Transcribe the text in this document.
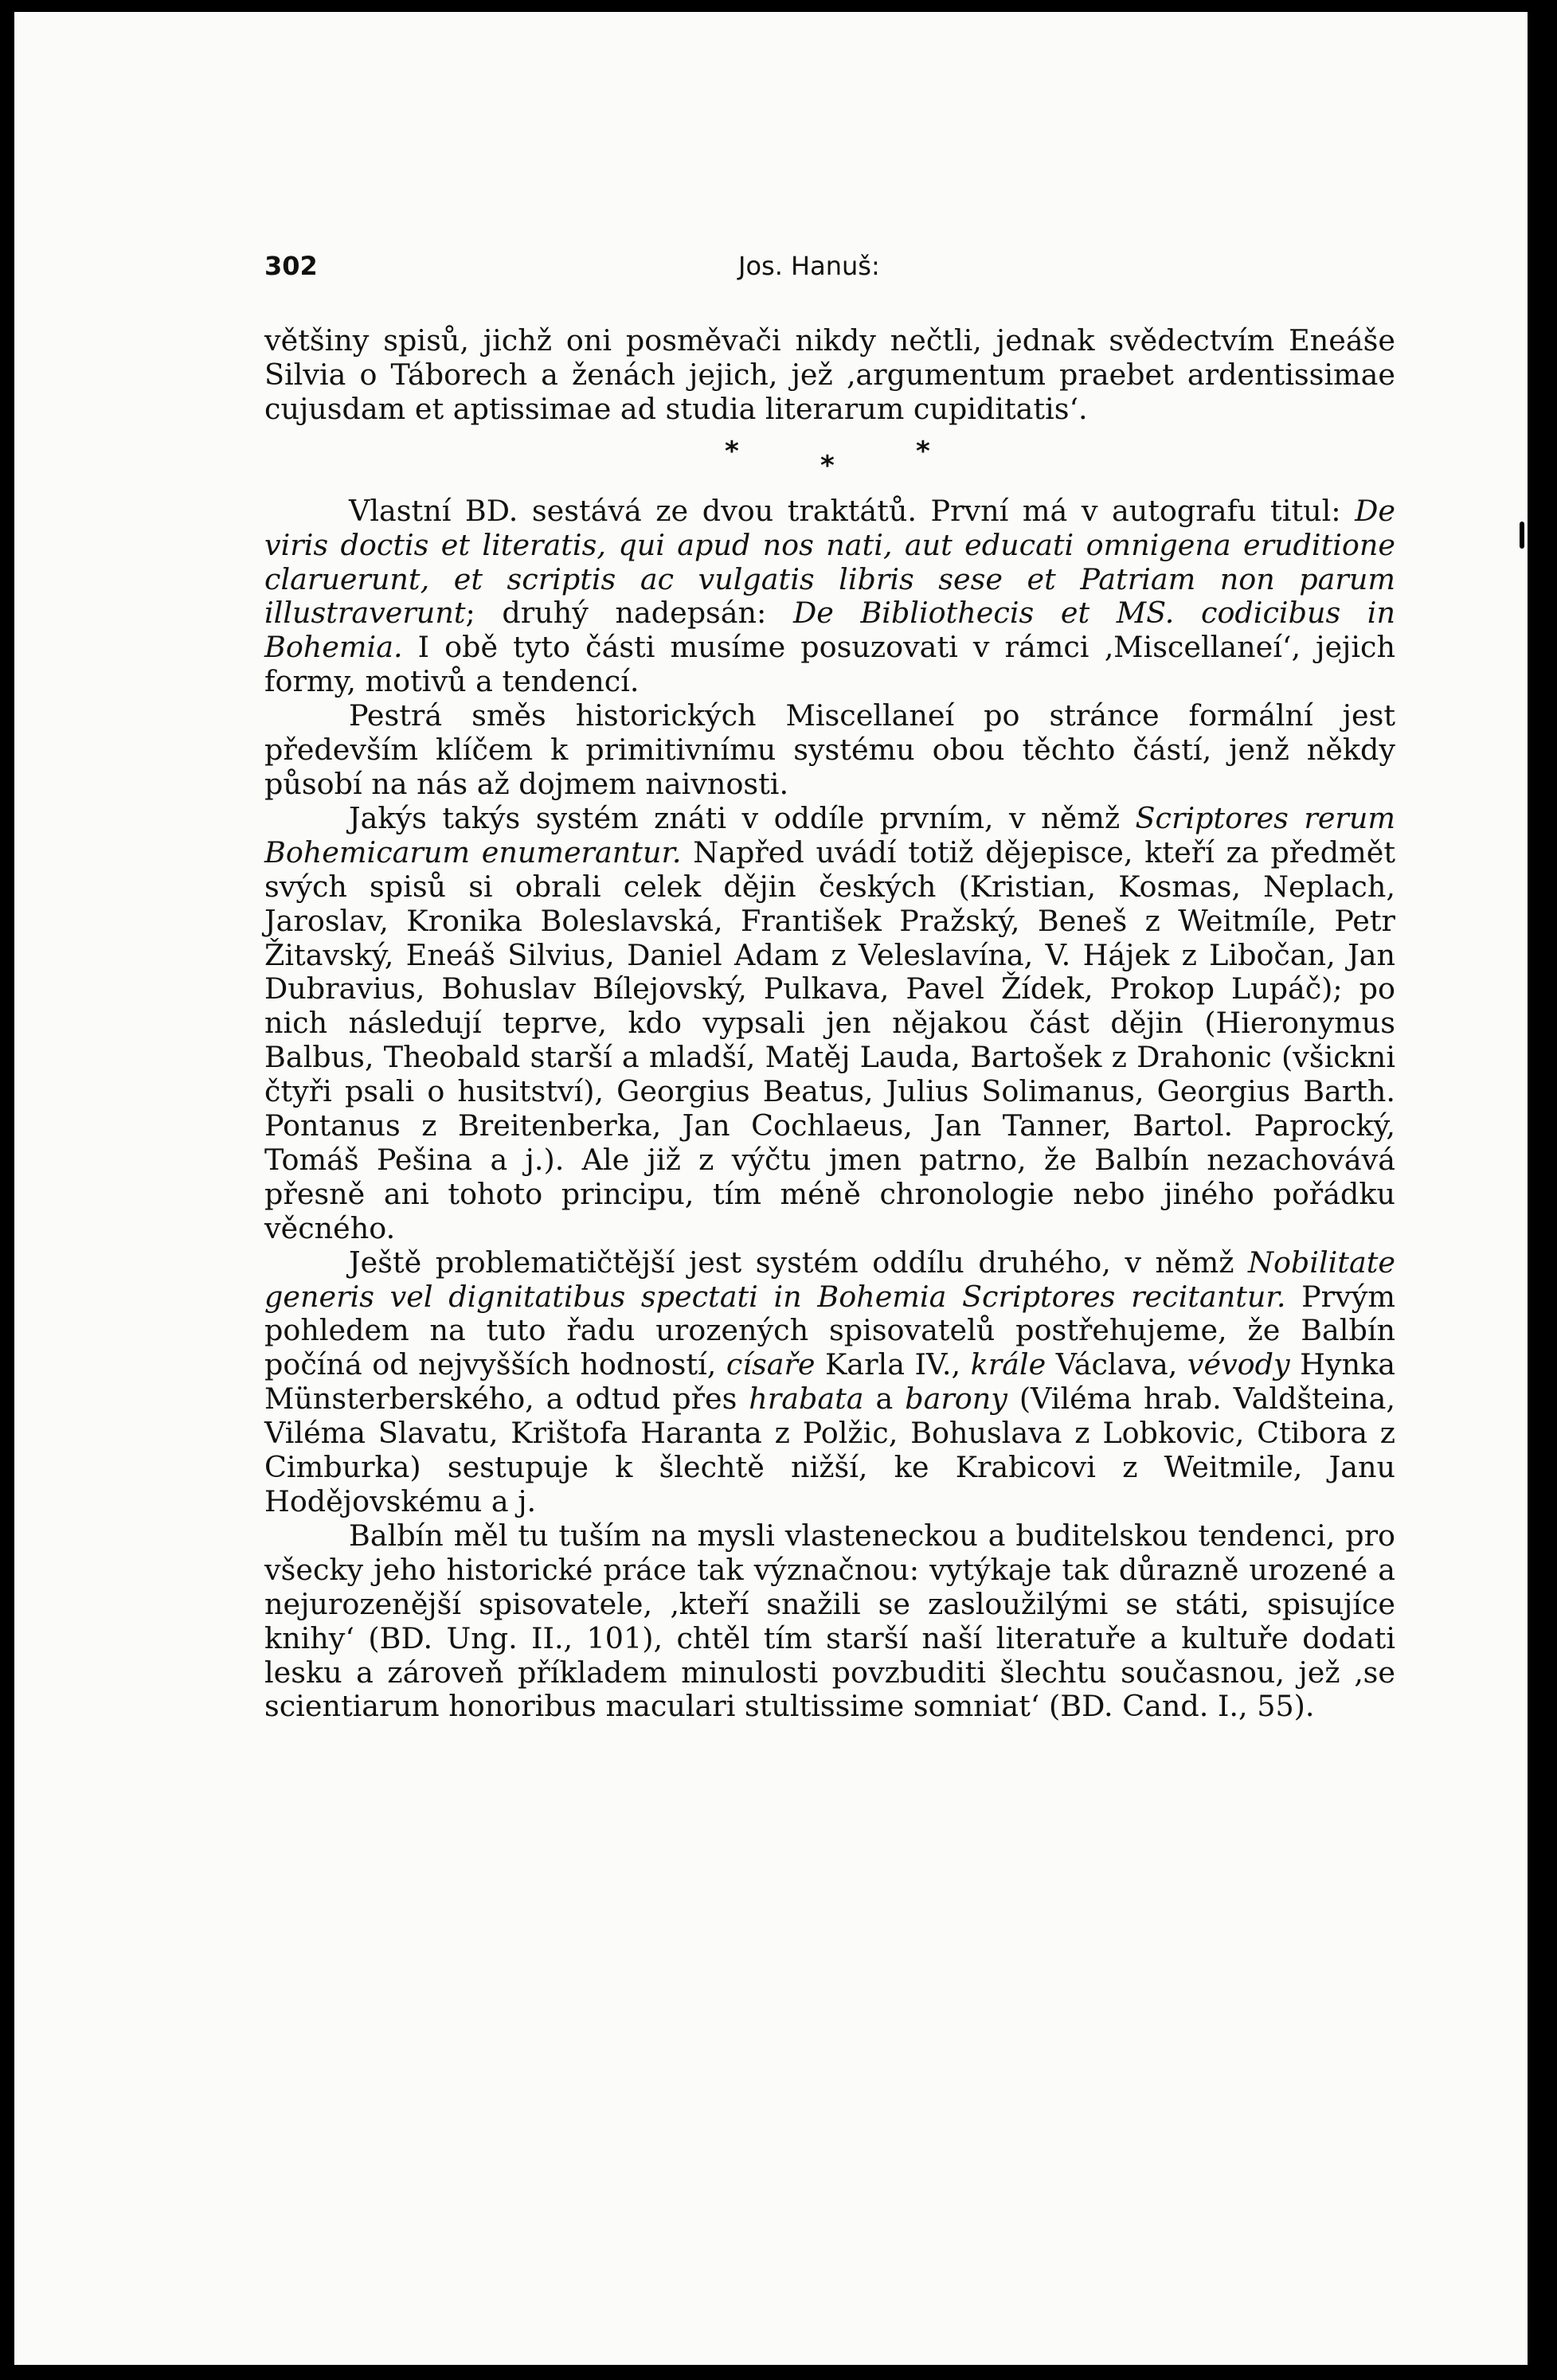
302	Jos. Hanuš:

většiny spisů, jichž oni posměvači nikdy nečtli, jednak svědectvím Eneáše Silvia o Táborech a ženách jejich, jež ‚argumentum praebet ardentissimae cujusdam et aptissimae ad studia literarum cupiditatis‘.

*	*	*

Vlastní BD. sestává ze dvou traktátů. První má v autografu titul: De viris doctis et literatis, qui apud nos nati, aut educati omnigena eruditione claruerunt, et scriptis ac vulgatis libris sese et Patriam non parum illustraverunt; druhý nadepsán: De Bibliothecis et MS. codicibus in Bohemia. I obě tyto části musíme posuzovati v rámci ‚Miscellaneí‘, jejich formy, motivů a tendencí.

Pestrá směs historických Miscellaneí po stránce formální jest především klíčem k primitivnímu systému obou těchto částí, jenž někdy působí na nás až dojmem naivnosti.

Jakýs takýs systém znáti v oddíle prvním, v němž Scriptores rerum Bohemicarum enumerantur. Napřed uvádí totiž dějepisce, kteří za předmět svých spisů si obrali celek dějin českých (Kristian, Kosmas, Neplach, Jaroslav, Kronika Boleslavská, František Pražský, Beneš z Weitmíle, Petr Žitavský, Eneáš Silvius, Daniel Adam z Veleslavína, V. Hájek z Libočan, Jan Dubravius, Bohuslav Bílejovský, Pulkava, Pavel Žídek, Prokop Lupáč); po nich následují teprve, kdo vypsali jen nějakou část dějin (Hieronymus Balbus, Theobald starší a mladší, Matěj Lauda, Bartošek z Drahonic (všickni čtyři psali o husitství), Georgius Beatus, Julius Solimanus, Georgius Barth. Pontanus z Breitenberka, Jan Cochlaeus, Jan Tanner, Bartol. Paprocký, Tomáš Pešina a j.). Ale již z výčtu jmen patrno, že Balbín nezachovává přesně ani tohoto principu, tím méně chronologie nebo jiného pořádku věcného.

Ještě problematičtější jest systém oddílu druhého, v němž Nobilitate generis vel dignitatibus spectati in Bohemia Scriptores recitantur. Prvým pohledem na tuto řadu urozených spisovatelů postřehujeme, že Balbín počíná od nejvyšších hodností, císaře Karla IV., krále Václava, vévody Hynka Münsterberského, a odtud přes hrabata a barony (Viléma hrab. Valdšteina, Viléma Slavatu, Krištofa Haranta z Polžic, Bohuslava z Lobkovic, Ctibora z Cimburka) sestupuje k šlechtě nižší, ke Krabicovi z Weitmile, Janu Hodějovskému a j.

Balbín měl tu tuším na mysli vlasteneckou a buditelskou tendenci, pro všecky jeho historické práce tak význačnou: vytýkaje tak důrazně urozené a nejurozenější spisovatele, ‚kteří snažili se zasloužilými se státi, spisujíce knihy‘ (BD. Ung. II., 101), chtěl tím starší naší literatuře a kultuře dodati lesku a zároveň příkladem minulosti povzbuditi šlechtu současnou, jež ‚se scientiarum honoribus maculari stultissime somniat‘ (BD. Cand. I., 55).
